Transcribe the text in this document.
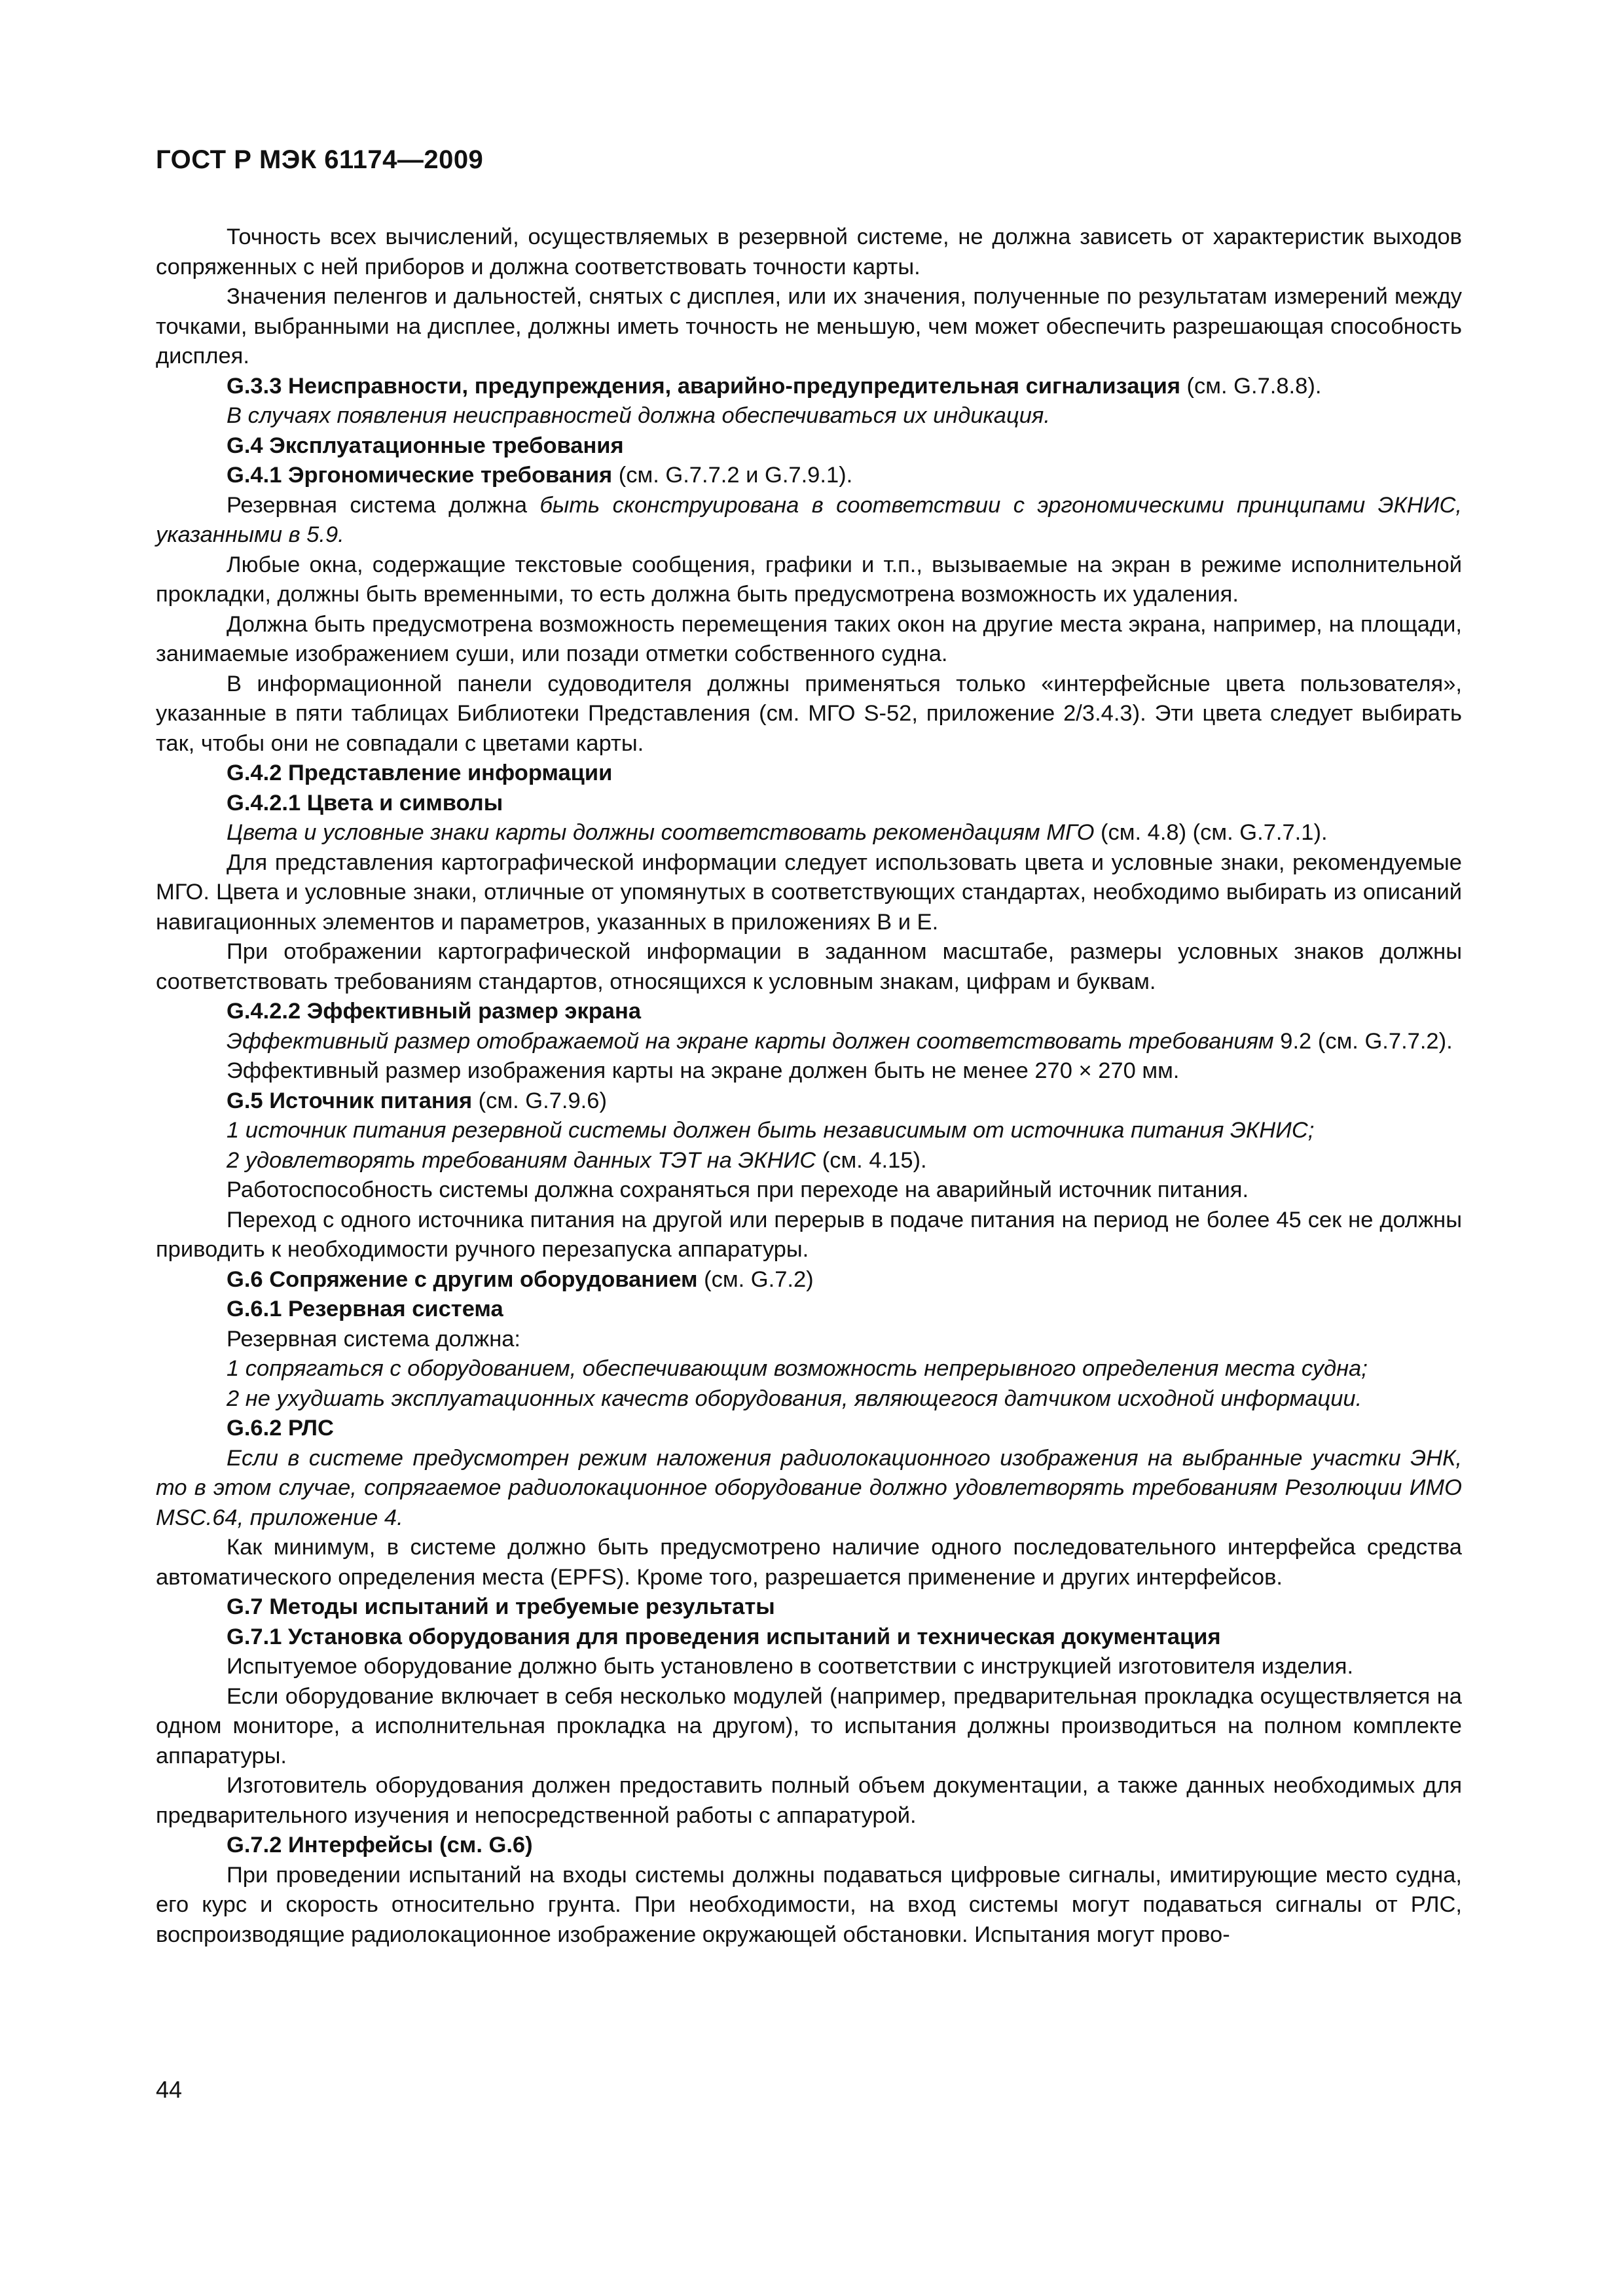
ГОСТ Р МЭК 61174—2009

Точность всех вычислений, осуществляемых в резервной системе, не должна зависеть от характеристик выходов сопряженных с ней приборов и должна соответствовать точности карты.

Значения пеленгов и дальностей, снятых с дисплея, или их значения, полученные по результатам измерений между точками, выбранными на дисплее, должны иметь точность не меньшую, чем может обеспечить разрешающая способность дисплея.

G.3.3 Неисправности, предупреждения, аварийно-предупредительная сигнализация (см. G.7.8.8).

В случаях появления неисправностей должна обеспечиваться их индикация.

G.4 Эксплуатационные требования

G.4.1 Эргономические требования (см. G.7.7.2 и G.7.9.1).

Резервная система должна быть сконструирована в соответствии с эргономическими принципами ЭКНИС, указанными в 5.9.

Любые окна, содержащие текстовые сообщения, графики и т.п., вызываемые на экран в режиме исполнительной прокладки, должны быть временными, то есть должна быть предусмотрена возможность их удаления.

Должна быть предусмотрена возможность перемещения таких окон на другие места экрана, например, на площади, занимаемые изображением суши, или позади отметки собственного судна.

В информационной панели судоводителя должны применяться только «интерфейсные цвета пользователя», указанные в пяти таблицах Библиотеки Представления (см. МГО S-52, приложение 2/3.4.3). Эти цвета следует выбирать так, чтобы они не совпадали с цветами карты.

G.4.2 Представление информации

G.4.2.1 Цвета и символы

Цвета и условные знаки карты должны соответствовать рекомендациям МГО (см. 4.8) (см. G.7.7.1).

Для представления картографической информации следует использовать цвета и условные знаки, рекомендуемые МГО. Цвета и условные знаки, отличные от упомянутых в соответствующих стандартах, необходимо выбирать из описаний навигационных элементов и параметров, указанных в приложениях В и Е.

При отображении картографической информации в заданном масштабе, размеры условных знаков должны соответствовать требованиям стандартов, относящихся к условным знакам, цифрам и буквам.

G.4.2.2 Эффективный размер экрана

Эффективный размер отображаемой на экране карты должен соответствовать требованиям 9.2 (см. G.7.7.2).

Эффективный размер изображения карты на экране должен быть не менее 270 × 270 мм.

G.5 Источник питания (см. G.7.9.6)

1 источник питания резервной системы должен быть независимым от источника питания ЭКНИС;

2 удовлетворять требованиям данных ТЭТ на ЭКНИС (см. 4.15).

Работоспособность системы должна сохраняться при переходе на аварийный источник питания.

Переход с одного источника питания на другой или перерыв в подаче питания на период не более 45 сек не должны приводить к необходимости ручного перезапуска аппаратуры.

G.6 Сопряжение с другим оборудованием (см. G.7.2)

G.6.1 Резервная система

Резервная система должна:

1 сопрягаться с оборудованием, обеспечивающим возможность непрерывного определения места судна;

2 не ухудшать эксплуатационных качеств оборудования, являющегося датчиком исходной информации.

G.6.2 РЛС

Если в системе предусмотрен режим наложения радиолокационного изображения на выбранные участки ЭНК, то в этом случае, сопрягаемое радиолокационное оборудование должно удовлетворять требованиям Резолюции ИМО MSC.64, приложение 4.

Как минимум, в системе должно быть предусмотрено наличие одного последовательного интерфейса средства автоматического определения места (EPFS). Кроме того, разрешается применение и других интерфейсов.

G.7 Методы испытаний и требуемые результаты

G.7.1 Установка оборудования для проведения испытаний и техническая документация

Испытуемое оборудование должно быть установлено в соответствии с инструкцией изготовителя изделия.

Если оборудование включает в себя несколько модулей (например, предварительная прокладка осуществляется на одном мониторе, а исполнительная прокладка на другом), то испытания должны производиться на полном комплекте аппаратуры.

Изготовитель оборудования должен предоставить полный объем документации, а также данных необходимых для предварительного изучения и непосредственной работы с аппаратурой.

G.7.2 Интерфейсы (см. G.6)

При проведении испытаний на входы системы должны подаваться цифровые сигналы, имитирующие место судна, его курс и скорость относительно грунта. При необходимости, на вход системы могут подаваться сигналы от РЛС, воспроизводящие радиолокационное изображение окружающей обстановки. Испытания могут прово-

44
